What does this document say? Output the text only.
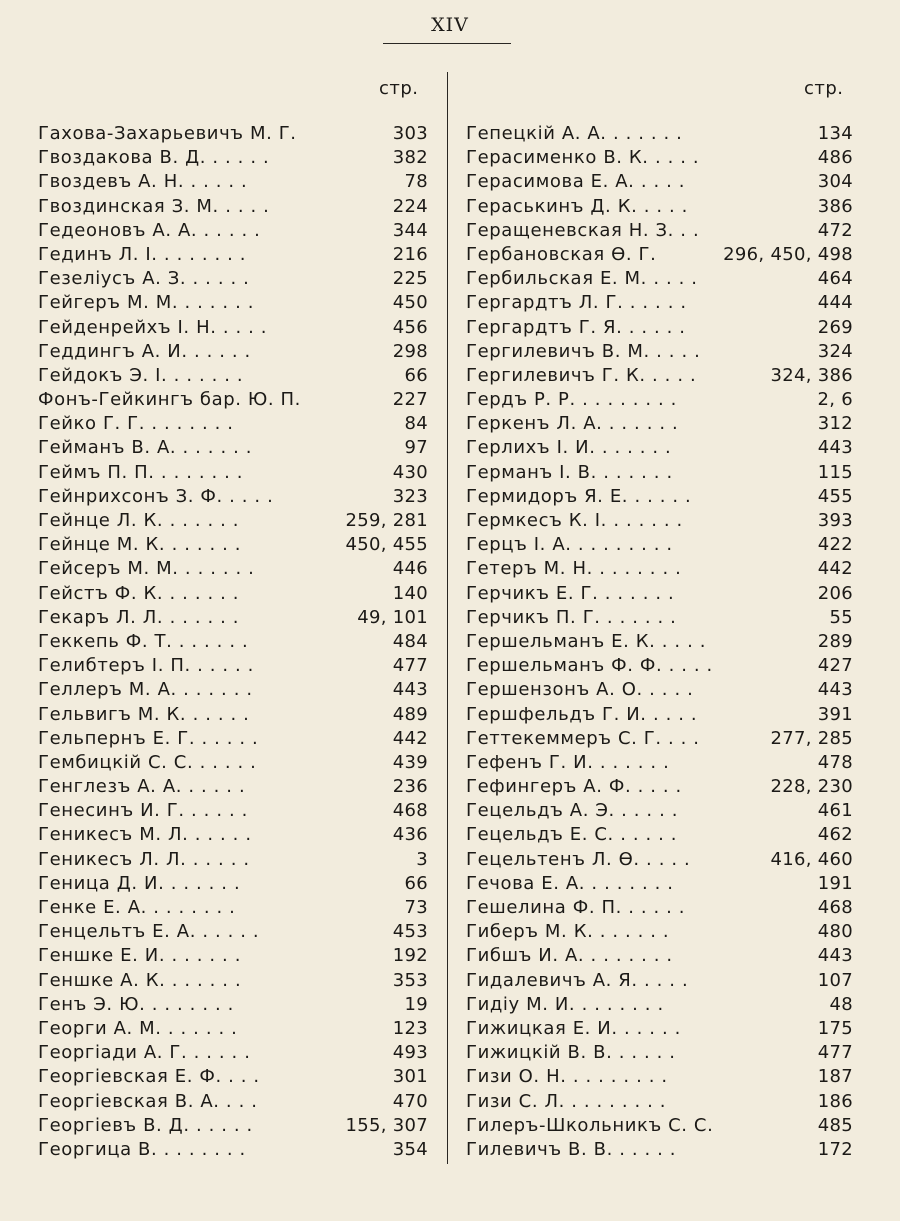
XIV
стр.	стр.
Гахова-Захарьевичъ М. Г.	303
Гвоздакова В. Д. . . . . .	382
Гвоздевъ А. Н. . . . . .	78
Гвоздинская З. М. . . . .	224
Гедеоновъ А. А. . . . . .	344
Гединъ Л. I. . . . . . . .	216
Гезеліусъ А. З. . . . . .	225
Гейгеръ М. М. . . . . . .	450
Гейденрейхъ I. Н. . . . .	456
Геддингъ А. И. . . . . .	298
Гейдокъ Э. I. . . . . . .	66
Фонъ-Гейкингъ бар. Ю. П.	227
Гейко Г. Г. . . . . . . .	84
Гейманъ В. А. . . . . . .	97
Геймъ П. П. . . . . . . .	430
Гейнрихсонъ З. Ф. . . . .	323
Гейнце Л. К. . . . . . .	259, 281
Гейнце М. К. . . . . . .	450, 455
Гейсеръ М. М. . . . . . .	446
Гейстъ Ф. К. . . . . . .	140
Гекаръ Л. Л. . . . . . .	49, 101
Геккепь Ф. Т. . . . . . .	484
Гелибтеръ I. П. . . . . .	477
Геллеръ М. А. . . . . . .	443
Гельвигъ М. К. . . . . .	489
Гельпернъ Е. Г. . . . . .	442
Гембицкій С. С. . . . . .	439
Генглезъ А. А. . . . . .	236
Генесинъ И. Г. . . . . .	468
Геникесъ М. Л. . . . . .	436
Геникесъ Л. Л. . . . . .	3
Геница Д. И. . . . . . .	66
Генке Е. А. . . . . . . .	73
Генцельтъ Е. А. . . . . .	453
Геншке Е. И. . . . . . .	192
Геншке А. К. . . . . . .	353
Генъ Э. Ю. . . . . . . .	19
Георги А. М. . . . . . .	123
Георгіади А. Г. . . . . .	493
Георгіевская Е. Ф. . . .	301
Георгіевская В. А. . . .	470
Георгіевъ В. Д. . . . . .	155, 307
Георгица В. . . . . . . .	354
Гепецкій А. А. . . . . . .	134
Герасименко В. К. . . . .	486
Герасимова Е. А. . . . .	304
Гераськинъ Д. К. . . . .	386
Геращеневская Н. З. . .	472
Гербановская Ѳ. Г.	296, 450, 498
Гербильская Е. М. . . . .	464
Гергардтъ Л. Г. . . . . .	444
Гергардтъ Г. Я. . . . . .	269
Гергилевичъ В. М. . . . .	324
Гергилевичъ Г. К. . . . .	324, 386
Гердъ Р. Р. . . . . . . . .	2, 6
Геркенъ Л. А. . . . . . .	312
Герлихъ I. И. . . . . . .	443
Германъ I. В. . . . . . .	115
Гермидоръ Я. Е. . . . . .	455
Гермкесъ К. I. . . . . . .	393
Герцъ I. А. . . . . . . . .	422
Гетеръ М. Н. . . . . . . .	442
Герчикъ Е. Г. . . . . . .	206
Герчикъ П. Г. . . . . . .	55
Гершельманъ Е. К. . . . .	289
Гершельманъ Ф. Ф. . . . .	427
Гершензонъ А. О. . . . .	443
Гершфельдъ Г. И. . . . .	391
Геттекеммеръ С. Г. . . .	277, 285
Гефенъ Г. И. . . . . . .	478
Гефингеръ А. Ф. . . . .	228, 230
Гецельдъ А. Э. . . . . .	461
Гецельдъ Е. С. . . . . .	462
Гецельтенъ Л. Ѳ. . . . .	416, 460
Гечова Е. А. . . . . . . .	191
Гешелина Ф. П. . . . . .	468
Гиберъ М. К. . . . . . .	480
Гибшъ И. А. . . . . . . .	443
Гидалевичъ А. Я. . . . .	107
Гидіу М. И. . . . . . . .	48
Гижицкая Е. И. . . . . .	175
Гижицкій В. В. . . . . .	477
Гизи О. Н. . . . . . . . .	187
Гизи С. Л. . . . . . . . .	186
Гилеръ-Школьникъ С. С.	485
Гилевичъ В. В. . . . . .	172
